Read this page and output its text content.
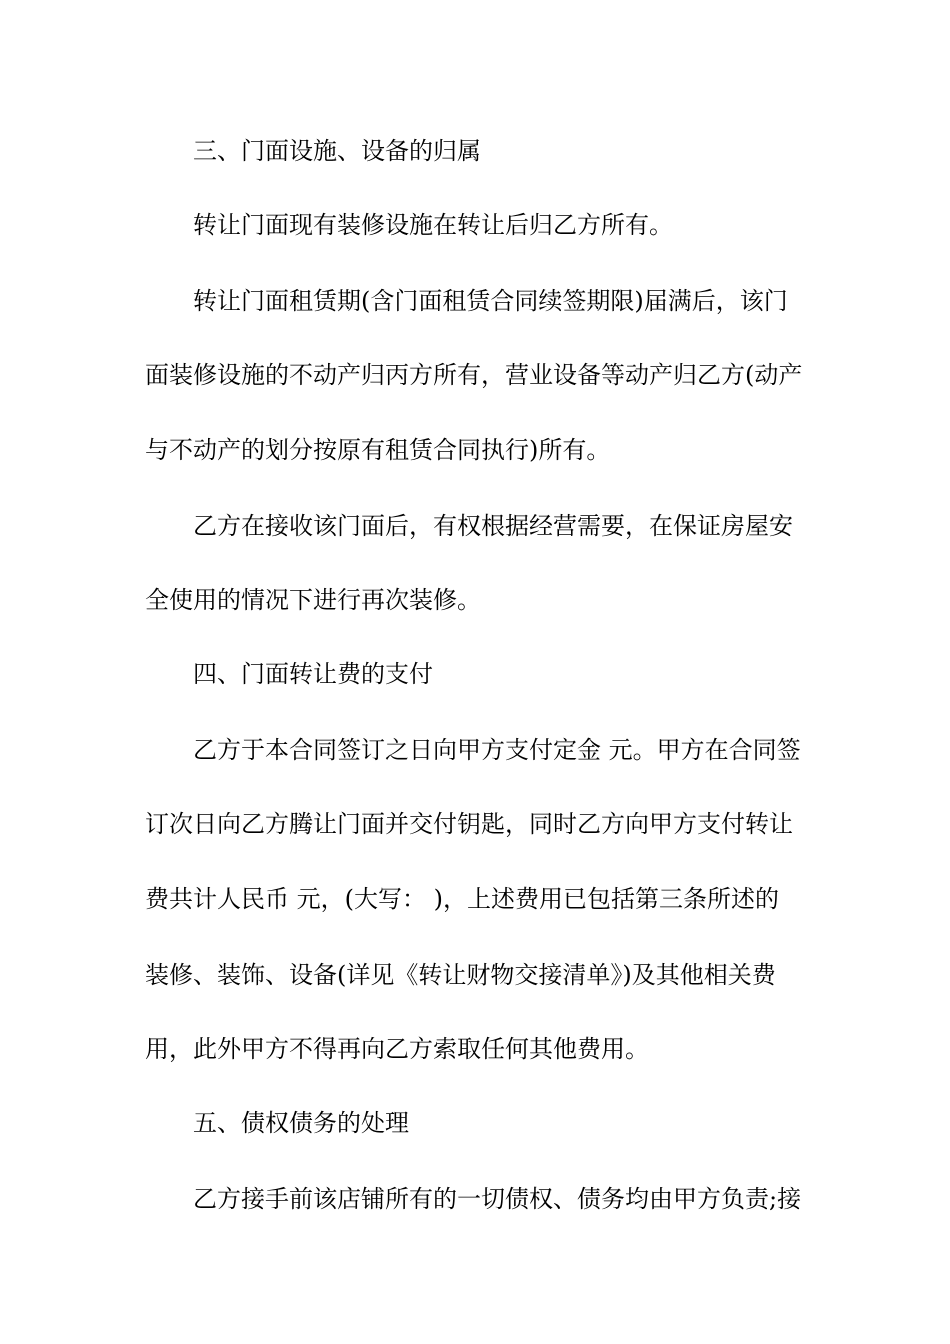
三、门面设施、设备的归属
转让门面现有装修设施在转让后归乙方所有。
转让门面租赁期(含门面租赁合同续签期限)届满后，该门
面装修设施的不动产归丙方所有，营业设备等动产归乙方(动产
与不动产的划分按原有租赁合同执行)所有。
乙方在接收该门面后，有权根据经营需要，在保证房屋安
全使用的情况下进行再次装修。
四、门面转让费的支付
乙方于本合同签订之日向甲方支付定金 元。甲方在合同签
订次日向乙方腾让门面并交付钥匙，同时乙方向甲方支付转让
费共计人民币 元，(大写： )，上述费用已包括第三条所述的
装修、装饰、设备(详见《转让财物交接清单》)及其他相关费
用，此外甲方不得再向乙方索取任何其他费用。
五、债权债务的处理
乙方接手前该店铺所有的一切债权、债务均由甲方负责;接
